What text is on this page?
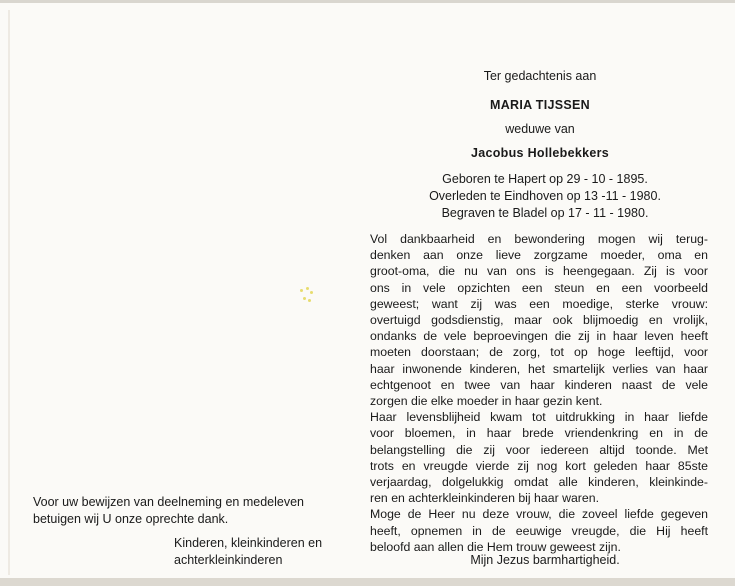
Ter gedachtenis aan
MARIA TIJSSEN
weduwe van
Jacobus Hollebekkers
Geboren te Hapert op 29 - 10 - 1895.
Overleden te Eindhoven op 13 -11 - 1980.
Begraven te Bladel op 17 - 11 - 1980.
Vol dankbaarheid en bewondering mogen wij terug-
denken aan onze lieve zorgzame moeder, oma en
groot-oma, die nu van ons is heengegaan. Zij is voor
ons in vele opzichten een steun en een voorbeeld
geweest; want zij was een moedige, sterke vrouw:
overtuigd godsdienstig, maar ook blijmoedig en vrolijk,
ondanks de vele beproevingen die zij in haar leven heeft
moeten doorstaan; de zorg, tot op hoge leeftijd, voor
haar inwonende kinderen, het smartelijk verlies van haar
echtgenoot en twee van haar kinderen naast de vele
zorgen die elke moeder in haar gezin kent.
Haar levensblijheid kwam tot uitdrukking in haar liefde
voor bloemen, in haar brede vriendenkring en in de
belangstelling die zij voor iedereen altijd toonde. Met
trots en vreugde vierde zij nog kort geleden haar 85ste
verjaardag, dolgelukkig omdat alle kinderen, kleinkinde-
ren en achterkleinkinderen bij haar waren.
Moge de Heer nu deze vrouw, die zoveel liefde gegeven
heeft, opnemen in de eeuwige vreugde, die Hij heeft
beloofd aan allen die Hem trouw geweest zijn.
Mijn Jezus barmhartigheid.
Voor uw bewijzen van deelneming en medeleven
betuigen wij U onze oprechte dank.
Kinderen, kleinkinderen en
achterkleinkinderen
